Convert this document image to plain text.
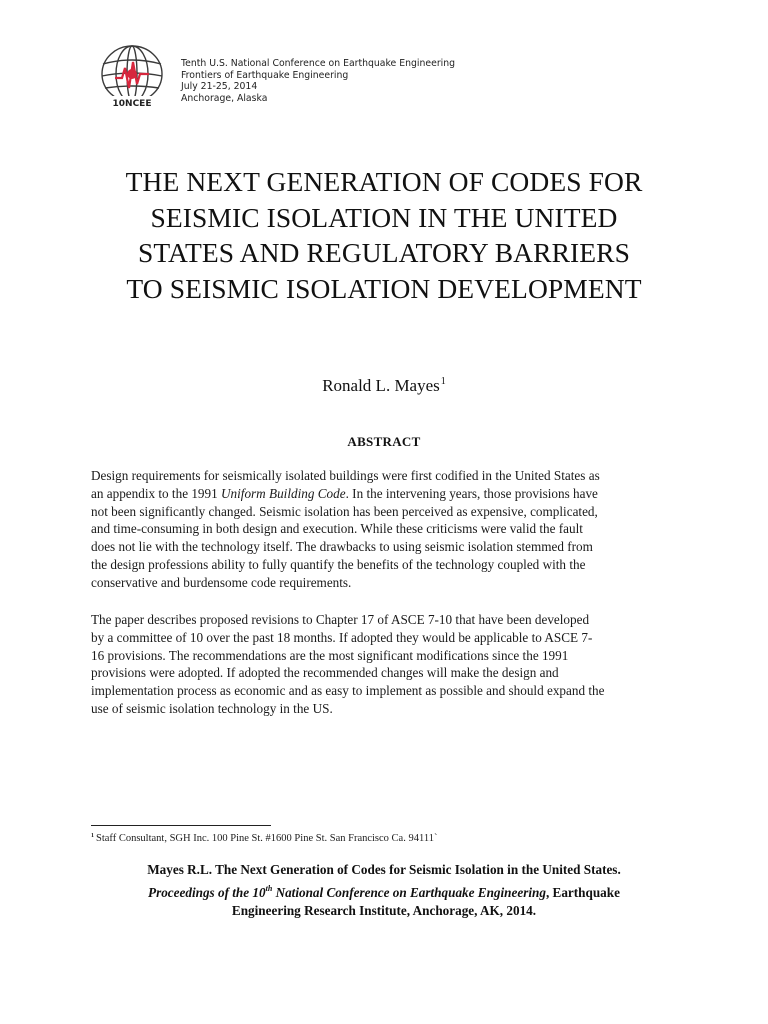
10NCEE
Tenth U.S. National Conference on Earthquake Engineering
Frontiers of Earthquake Engineering
July 21-25, 2014
Anchorage, Alaska
THE NEXT GENERATION OF CODES FOR
SEISMIC ISOLATION IN THE UNITED
STATES AND REGULATORY BARRIERS
TO SEISMIC ISOLATION DEVELOPMENT
Ronald L. Mayes$^1$
ABSTRACT
Design requirements for seismically isolated buildings were first codified in the United States as
an appendix to the 1991 Uniform Building Code. In the intervening years, those provisions have
not been significantly changed. Seismic isolation has been perceived as expensive, complicated,
and time-consuming in both design and execution. While these criticisms were valid the fault
does not lie with the technology itself. The drawbacks to using seismic isolation stemmed from
the design professions ability to fully quantify the benefits of the technology coupled with the
conservative and burdensome code requirements.
The paper describes proposed revisions to Chapter 17 of ASCE 7-10 that have been developed
by a committee of 10 over the past 18 months. If adopted they would be applicable to ASCE 7-
16 provisions. The recommendations are the most significant modifications since the 1991
provisions were adopted. If adopted the recommended changes will make the design and
implementation process as economic and as easy to implement as possible and should expand the
use of seismic isolation technology in the US.
$^1$ Staff Consultant, SGH Inc. 100 Pine St. #1600 Pine St. San Francisco Ca. 94111`
Mayes R.L. The Next Generation of Codes for Seismic Isolation in the United States.
Proceedings of the 10th National Conference on Earthquake Engineering, Earthquake
Engineering Research Institute, Anchorage, AK, 2014.
